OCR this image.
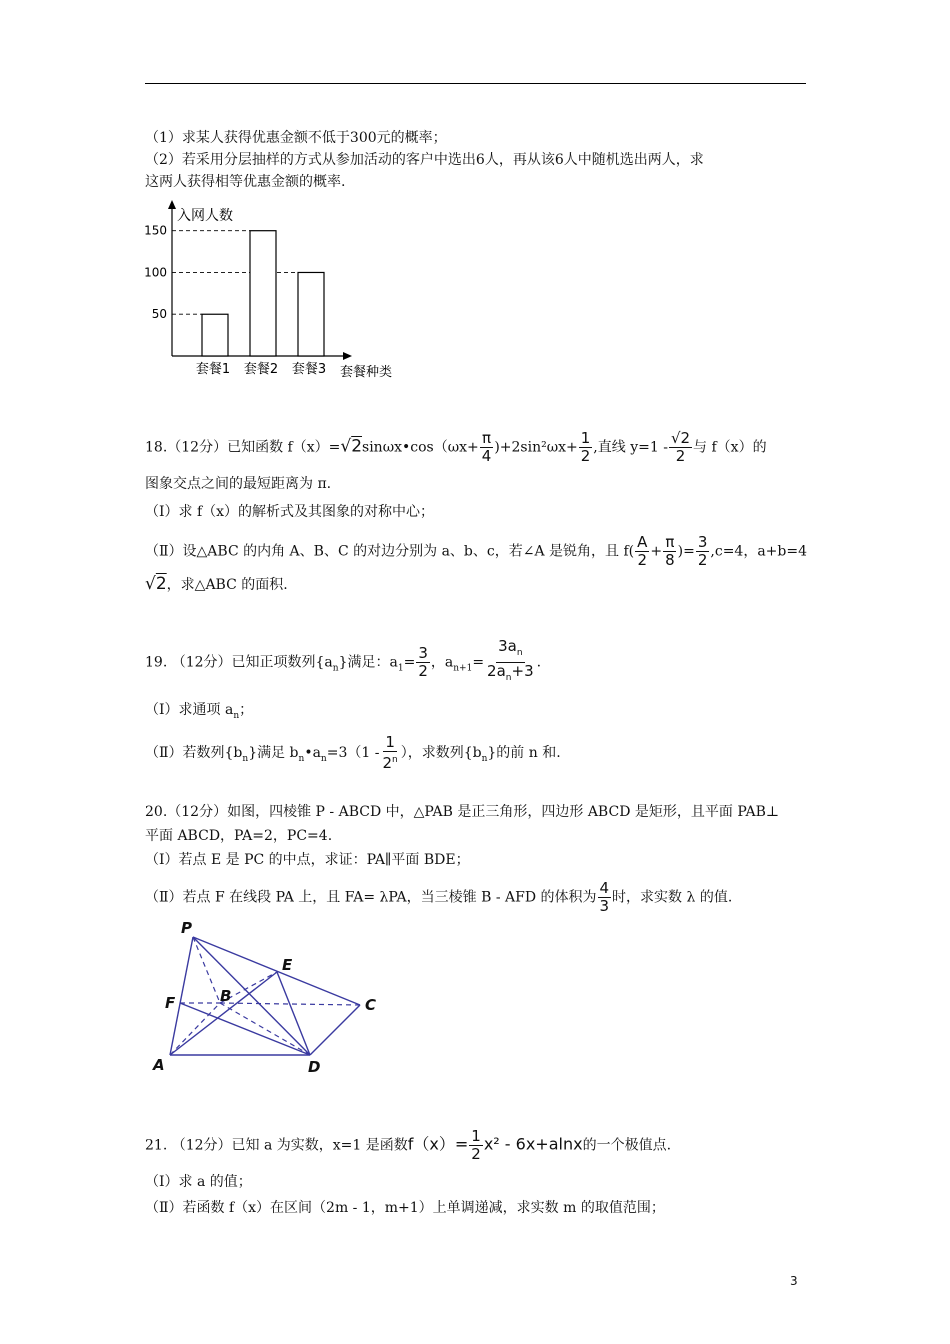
（1）求某人获得优惠金额不低于300元的概率；
（2）若采用分层抽样的方式从参加活动的客户中选出6人，再从该6人中随机选出两人，求
这两人获得相等优惠金额的概率.
入网人数
套餐1 套餐2 套餐3
150
100
50
套餐种类
18.（12分）已知函数 f（x）=√2sinωx•cos（ωx+ $\frac{\pi}{4} )+2\sin^2\omega x+ \frac{1}{2}$ ,直线 $y=1 - \frac{√2}{2}$ 与 f（x）的
图象交点之间的最短距离为 π.
（Ⅰ）求 f（x）的解析式及其图象的对称中心；
（Ⅱ）设△ABC 的内角 A、B、C 的对边分别为 a、b、c，若∠A 是锐角，且 $f( \frac{A}{2} + \frac{\pi}{8}$ )= $\frac{3}{2} ,c=4$，a+b=4
√2，求△ABC 的面积.
19. （12分）已知正项数列$\{a_n\}$满足：$a_1= \frac{3}{2}$ ，$a_{n+1}= \frac{3a_n}{2a_n+3}$ .
（Ⅰ）求通项 $a_n$；
（Ⅱ）若数列$\{b_n\}$满足 $b_n•a_n=3(1 - \frac{1}{2^n}$ ），求数列$\{b_n\}$的前 n 和.
20.（12分）如图，四棱锥 P - ABCD 中，△PAB 是正三角形，四边形 ABCD 是矩形，且平面 PAB⊥
平面 ABCD，PA=2，PC=4.
（Ⅰ）若点 E 是 PC 的中点，求证：PA∥平面 BDE；
（Ⅱ）若点 F 在线段 PA 上，且 FA= λPA，当三棱锥 B - AFD 的体积为 $\frac{4}{3}$ 时，求实数 λ 的值.
P
E
F	B	C
A	D
21. （12分）已知 a 为实数，x=1 是函数$f(x)= \frac{1}{2} x^2 - 6x+alnx$的一个极值点.
（Ⅰ）求 a 的值；
（Ⅱ）若函数 f（x）在区间（2m - 1，m+1）上单调递减，求实数 m 的取值范围；
3
